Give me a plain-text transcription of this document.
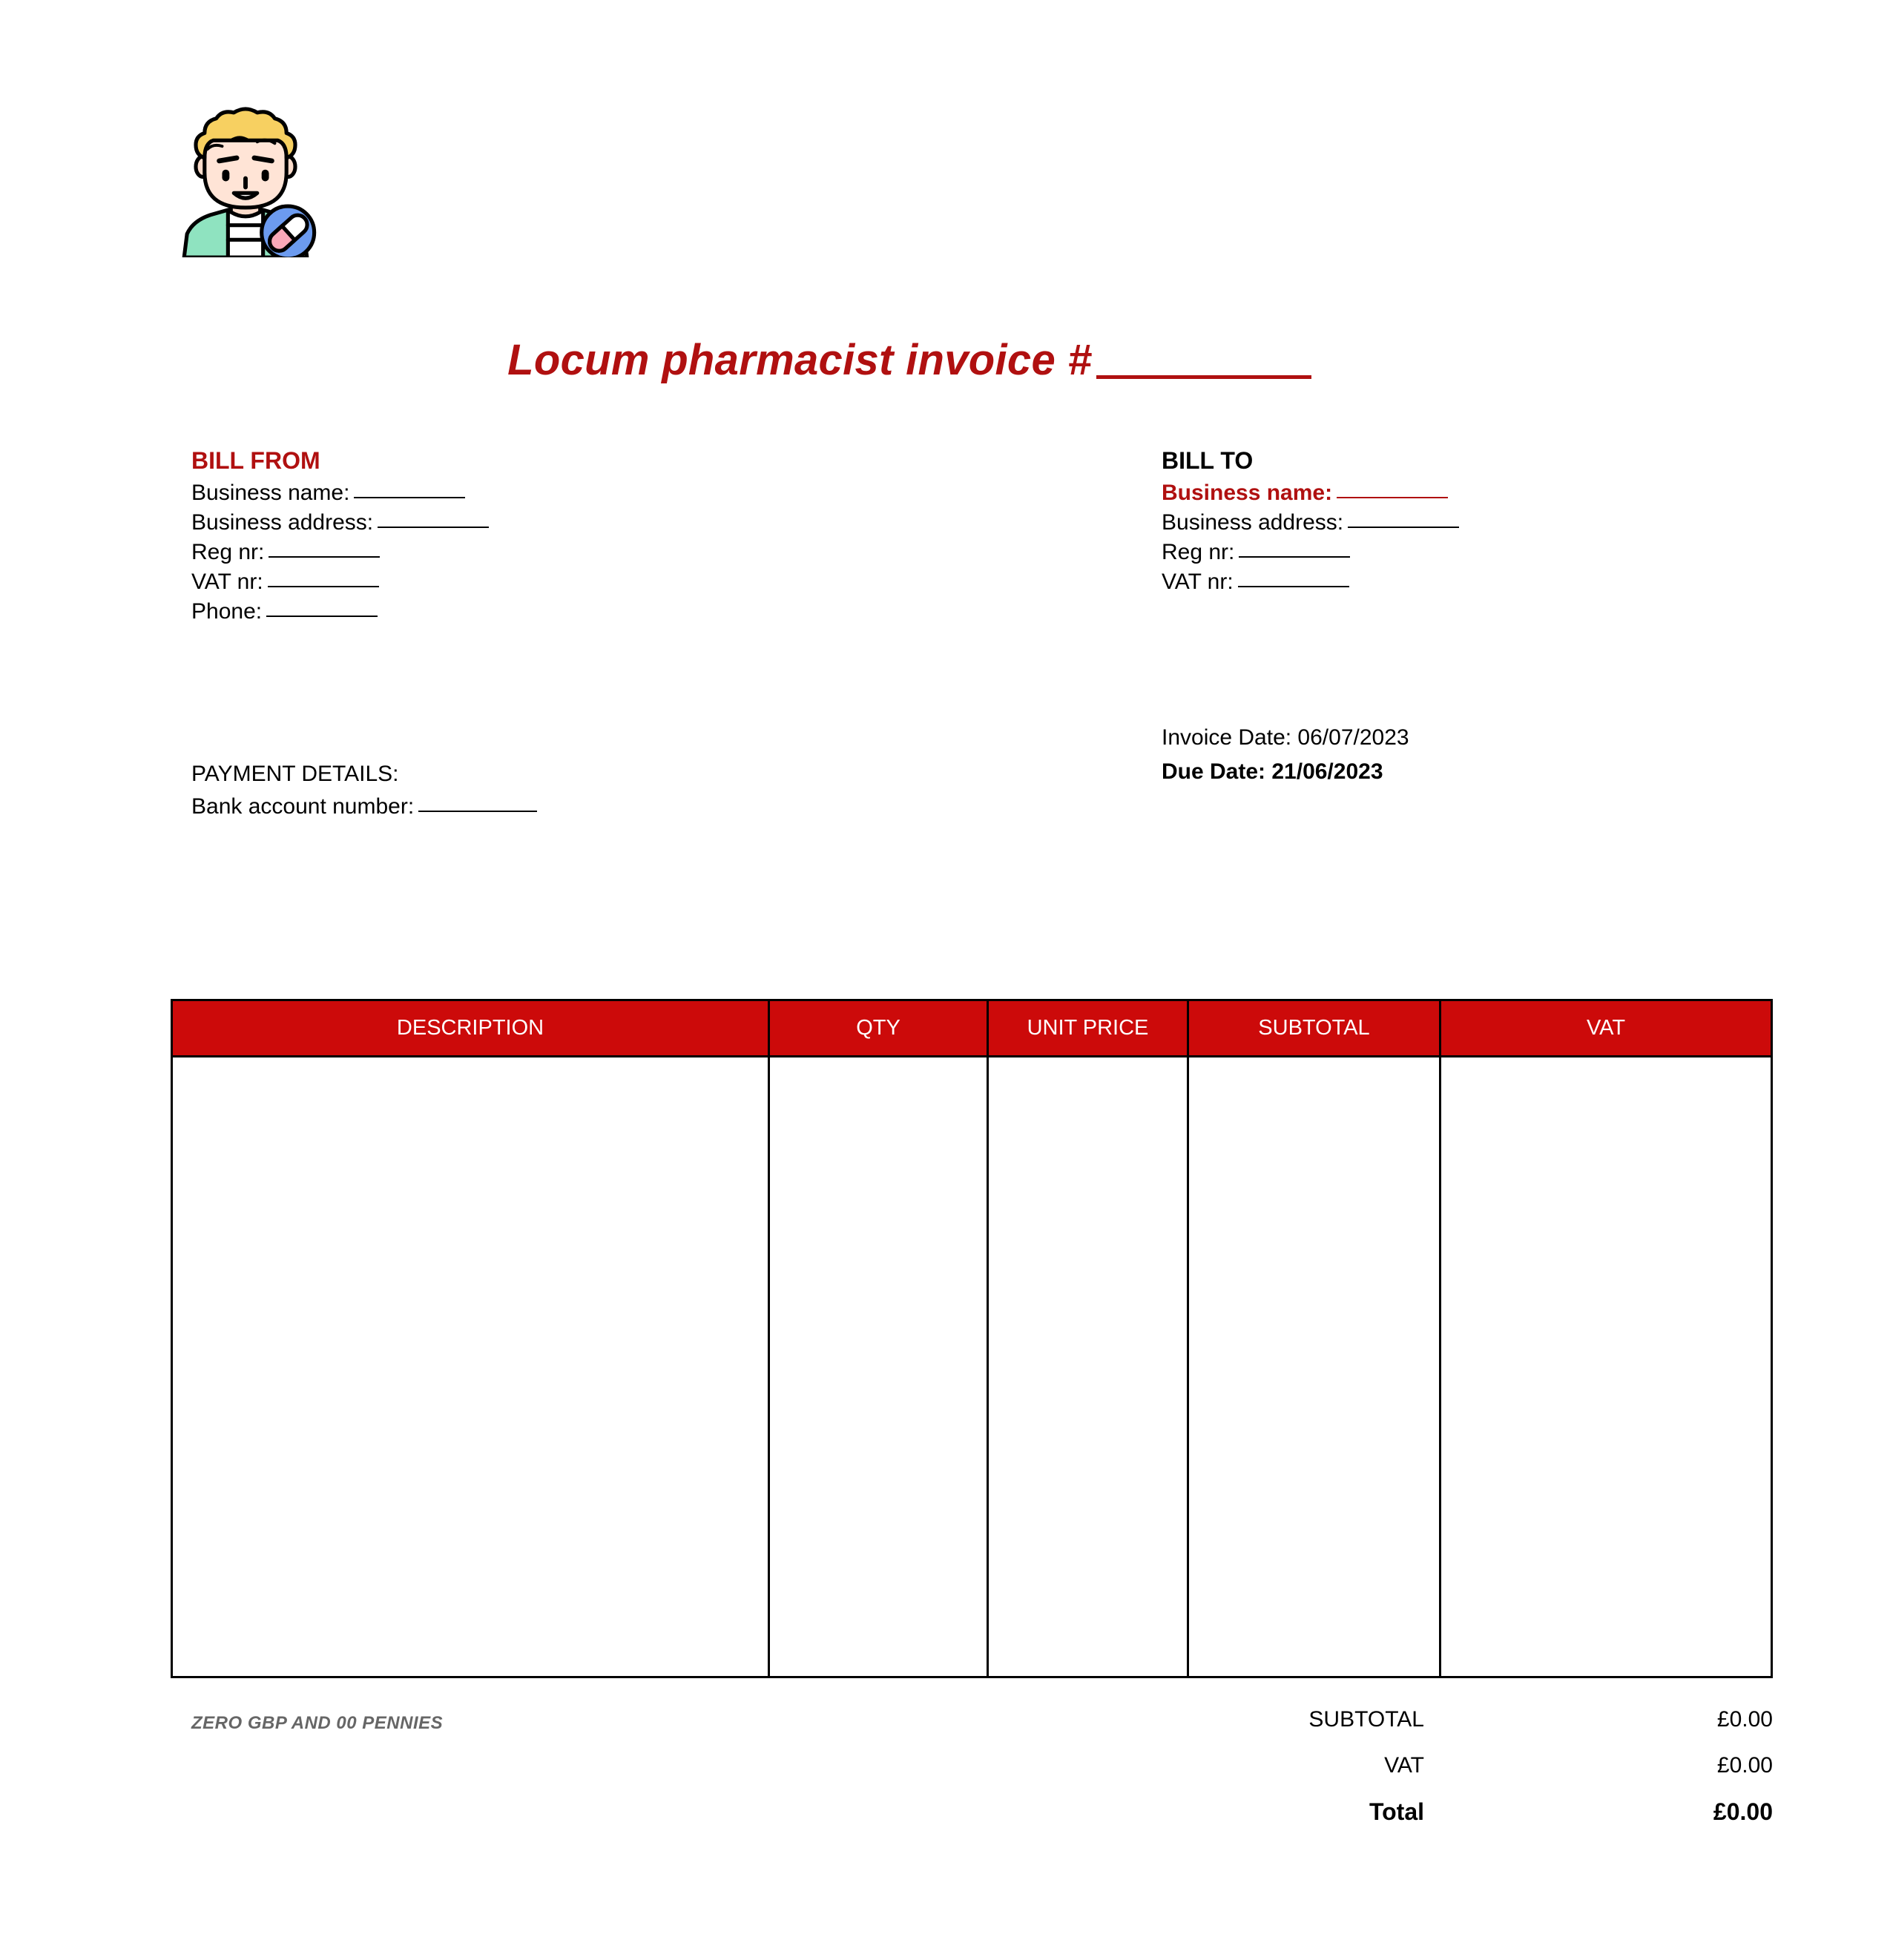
Locum pharmacist invoice #
BILL FROM
Business name:
Business address:
Reg nr:
VAT nr:
Phone:
BILL TO
Business name:
Business address:
Reg nr:
VAT nr:
Invoice Date: 06/07/2023
Due Date: 21/06/2023
PAYMENT DETAILS:
Bank account number:
DESCRIPTION	QTY	UNIT PRICE	SUBTOTAL	VAT

ZERO GBP AND 00 PENNIES	SUBTOTAL	£0.00
VAT	£0.00
Total	£0.00
